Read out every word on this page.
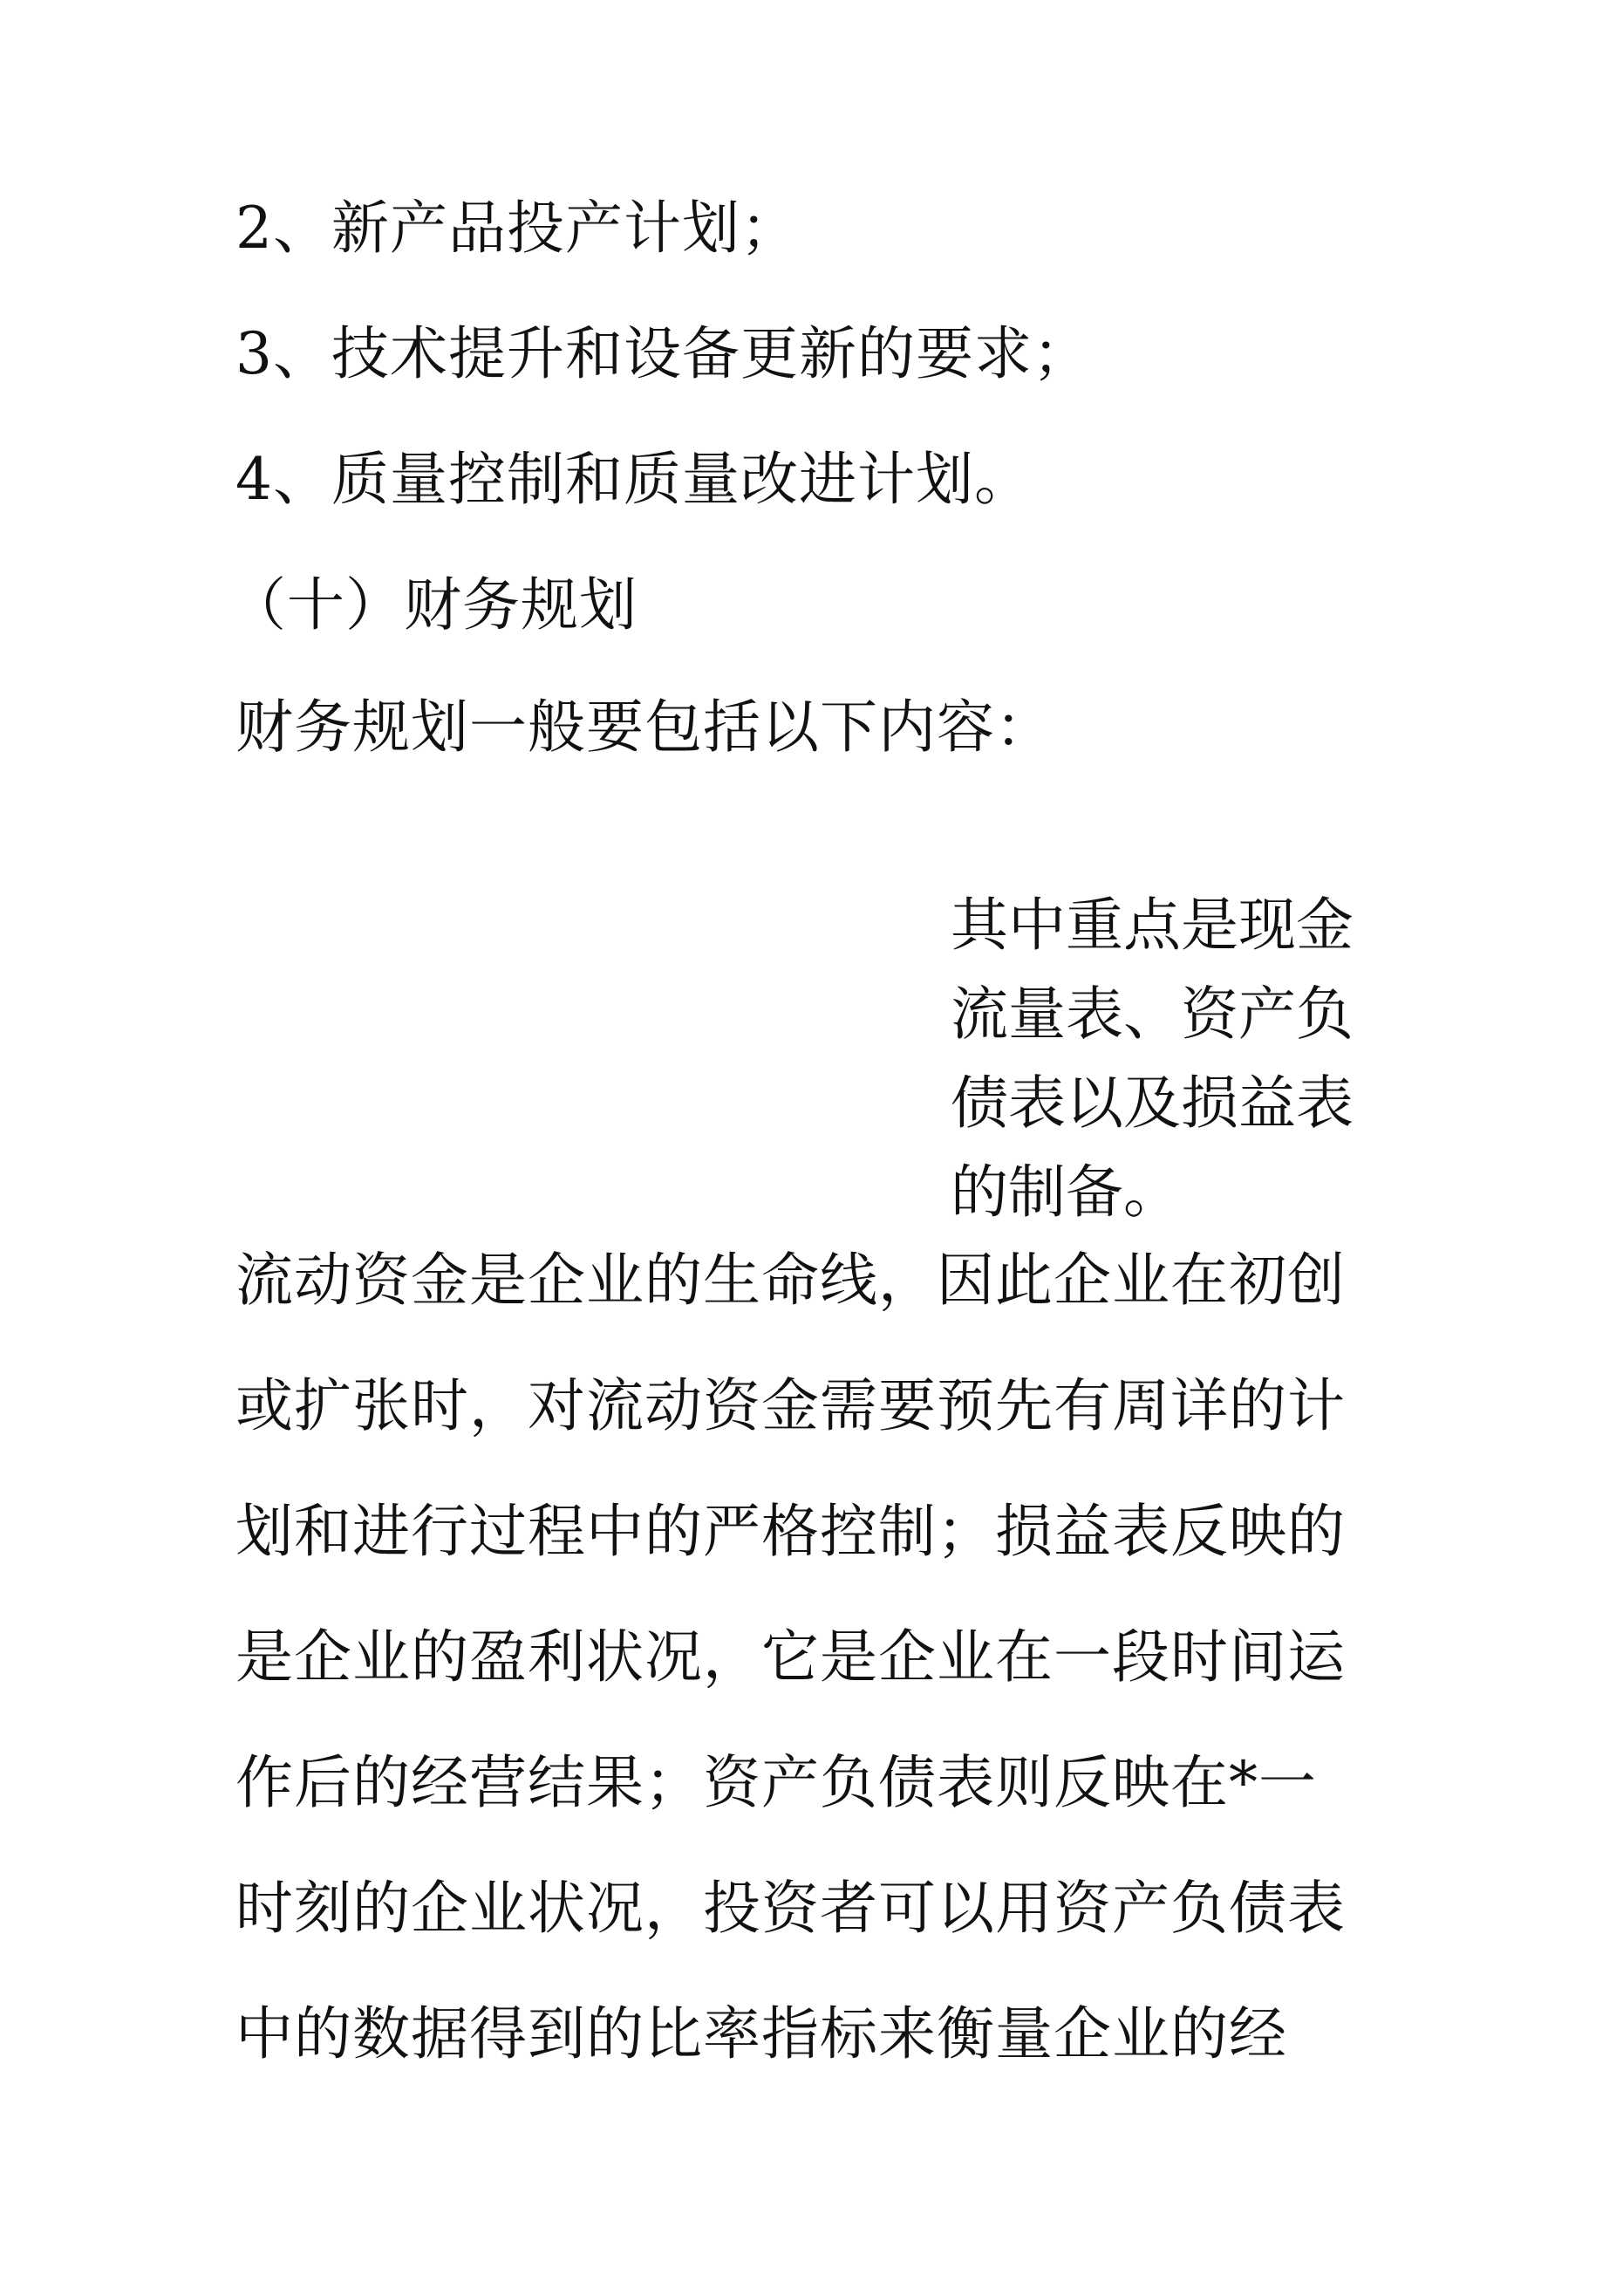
2、新产品投产计划；
3、技术提升和设备更新的要求；
4、质量控制和质量改进计划。
（十）财务规划
财务规划一般要包括以下内容：
其中重点是现金
流量表、资产负
债表以及损益表
的制备。
流动资金是企业的生命线，因此企业在初创
或扩张时，对流动资金需要预先有周详的计
划和进行过程中的严格控制；损益表反映的
是企业的盈利状况，它是企业在一段时间运
作后的经营结果；资产负债表则反映在*一
时刻的企业状况，投资者可以用资产负债表
中的数据得到的比率指标来衡量企业的经
